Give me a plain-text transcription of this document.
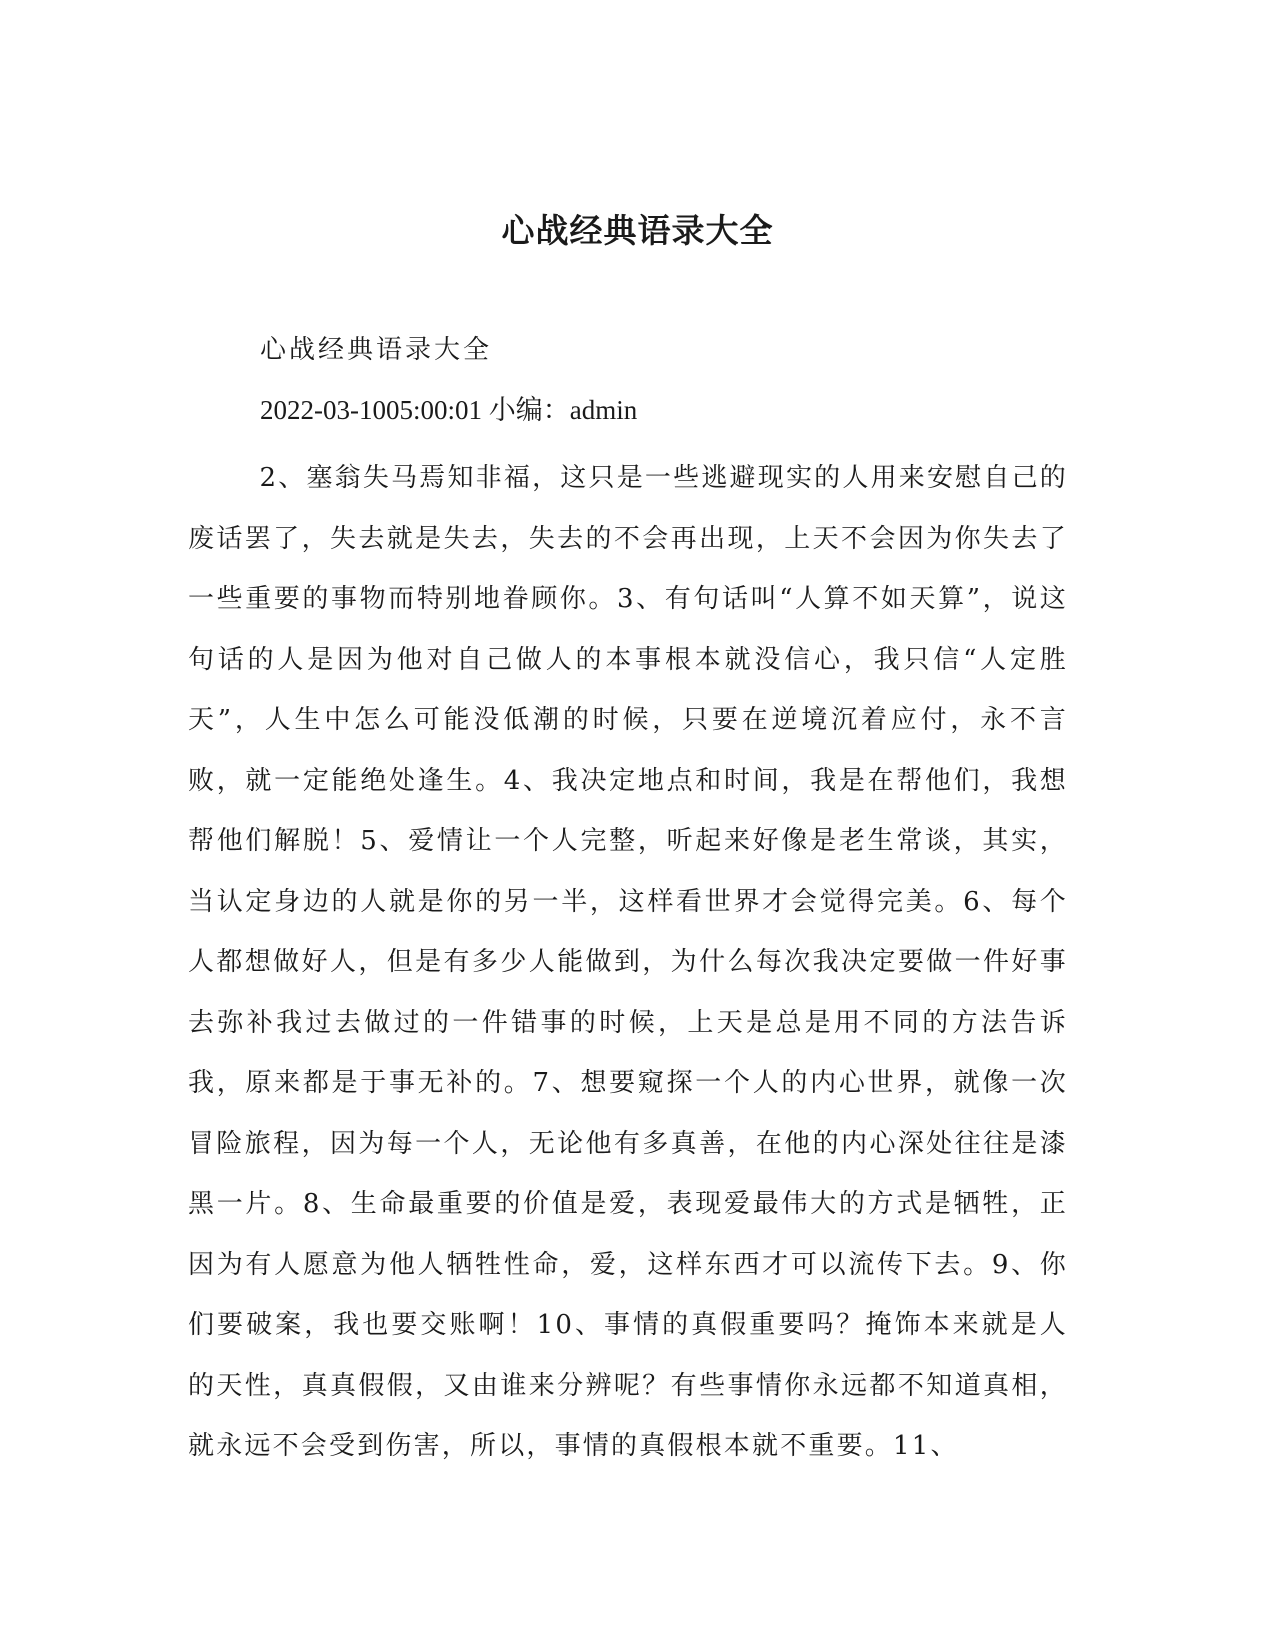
心战经典语录大全
心战经典语录大全
2022-03-1005:00:01 小编：admin

2、塞翁失马焉知非福，这只是一些逃避现实的人用来安慰自己的废话罢了，失去就是失去，失去的不会再出现，上天不会因为你失去了一些重要的事物而特别地眷顾你。3、有句话叫“人算不如天算”，说这句话的人是因为他对自己做人的本事根本就没信心，我只信“人定胜天”，人生中怎么可能没低潮的时候，只要在逆境沉着应付，永不言败，就一定能绝处逢生。4、我决定地点和时间，我是在帮他们，我想帮他们解脱！5、爱情让一个人完整，听起来好像是老生常谈，其实，当认定身边的人就是你的另一半，这样看世界才会觉得完美。6、每个人都想做好人，但是有多少人能做到，为什么每次我决定要做一件好事去弥补我过去做过的一件错事的时候，上天是总是用不同的方法告诉我，原来都是于事无补的。7、想要窥探一个人的内心世界，就像一次冒险旅程，因为每一个人，无论他有多真善，在他的内心深处往往是漆黑一片。8、生命最重要的价值是爱，表现爱最伟大的方式是牺牲，正因为有人愿意为他人牺牲性命，爱，这样东西才可以流传下去。9、你们要破案，我也要交账啊！10、事情的真假重要吗？掩饰本来就是人的天性，真真假假，又由谁来分辨呢？有些事情你永远都不知道真相，就永远不会受到伤害，所以，事情的真假根本就不重要。11、
